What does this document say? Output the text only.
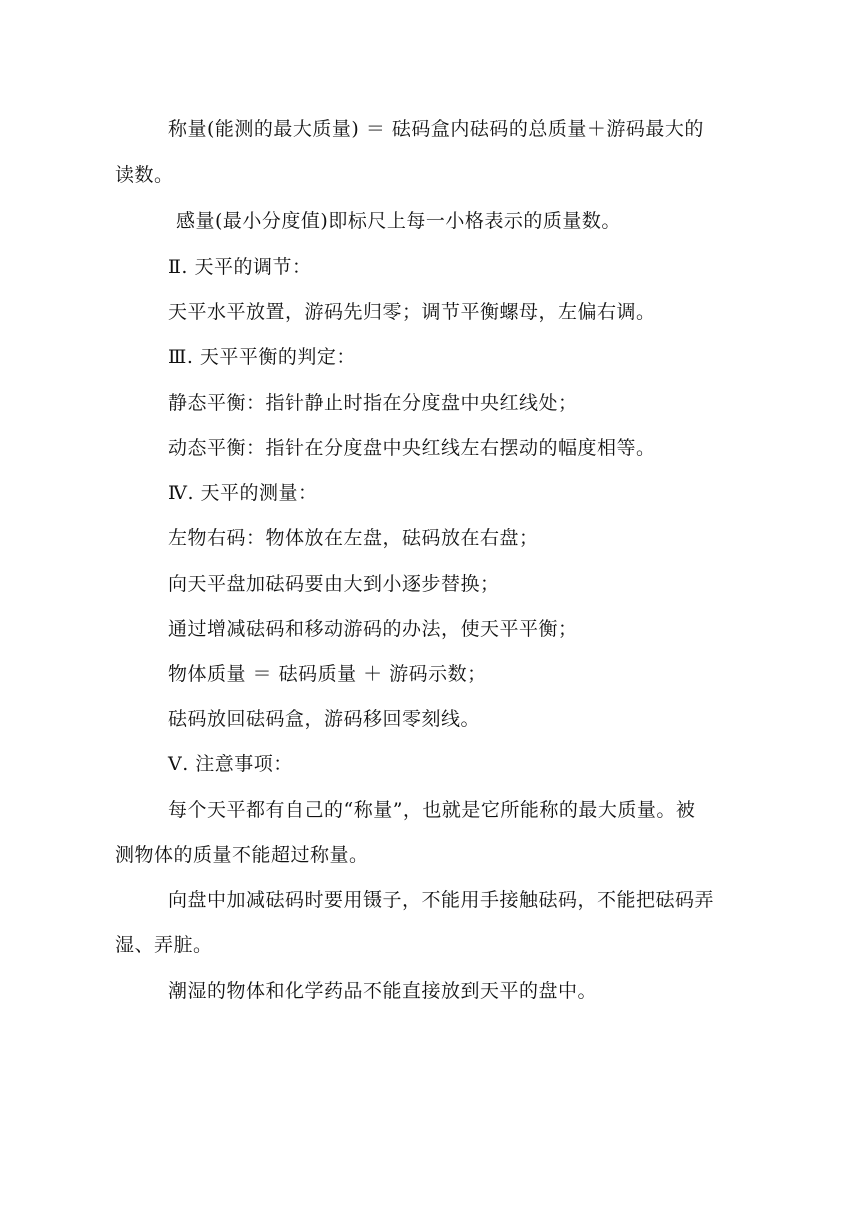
称量(能测的最大质量) ＝ 砝码盒内砝码的总质量＋游码最大的
读数。
感量(最小分度值)即标尺上每一小格表示的质量数。
Ⅱ. 天平的调节：
天平水平放置，游码先归零；调节平衡螺母，左偏右调。
Ⅲ. 天平平衡的判定：
静态平衡：指针静止时指在分度盘中央红线处；
动态平衡：指针在分度盘中央红线左右摆动的幅度相等。
Ⅳ. 天平的测量：
左物右码：物体放在左盘，砝码放在右盘；
向天平盘加砝码要由大到小逐步替换；
通过增减砝码和移动游码的办法，使天平平衡；
物体质量 ＝ 砝码质量 ＋ 游码示数；
砝码放回砝码盒，游码移回零刻线。
Ⅴ. 注意事项：
每个天平都有自己的“称量”，也就是它所能称的最大质量。被
测物体的质量不能超过称量。
向盘中加减砝码时要用镊子，不能用手接触砝码，不能把砝码弄
湿、弄脏。
潮湿的物体和化学药品不能直接放到天平的盘中。
